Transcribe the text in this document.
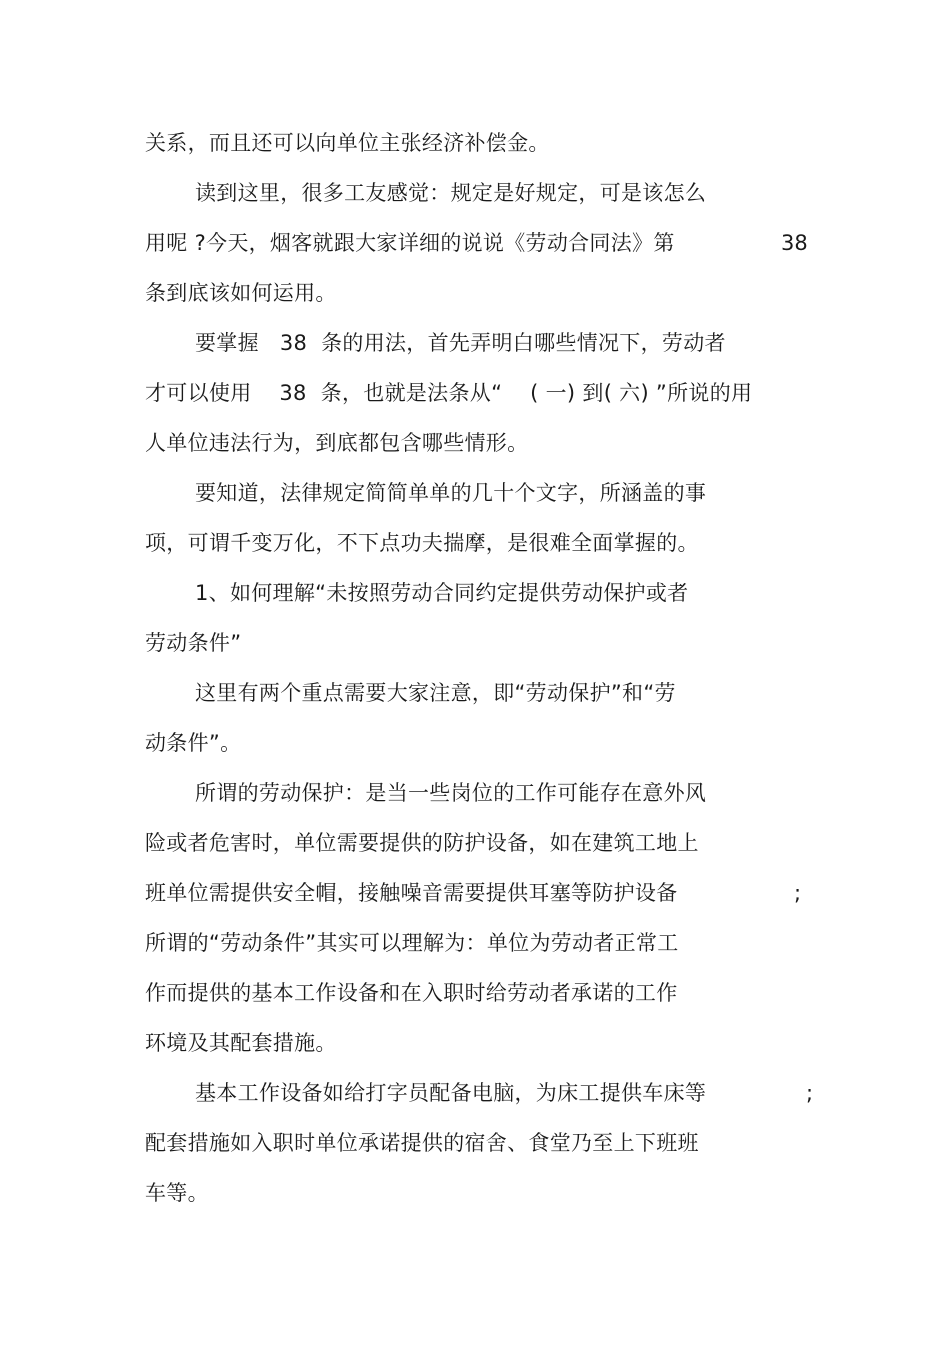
关系，而且还可以向单位主张经济补偿金。
读到这里，很多工友感觉：规定是好规定，可是该怎么
用呢 ?今天，烟客就跟大家详细的说说《劳动合同法》第	38
条到底该如何运用。
要掌握   38  条的用法，首先弄明白哪些情况下，劳动者
才可以使用    38  条，也就是法条从“    ( 一) 到( 六) ”所说的用
人单位违法行为，到底都包含哪些情形。
要知道，法律规定简简单单的几十个文字，所涵盖的事
项，可谓千变万化，不下点功夫揣摩，是很难全面掌握的。
1、如何理解“未按照劳动合同约定提供劳动保护或者
劳动条件”
这里有两个重点需要大家注意，即“劳动保护”和“劳
动条件”。
所谓的劳动保护：是当一些岗位的工作可能存在意外风
险或者危害时，单位需要提供的防护设备，如在建筑工地上
班单位需提供安全帽，接触噪音需要提供耳塞等防护设备	;
所谓的“劳动条件”其实可以理解为：单位为劳动者正常工
作而提供的基本工作设备和在入职时给劳动者承诺的工作
环境及其配套措施。
基本工作设备如给打字员配备电脑，为床工提供车床等	;
配套措施如入职时单位承诺提供的宿舍、食堂乃至上下班班
车等。
